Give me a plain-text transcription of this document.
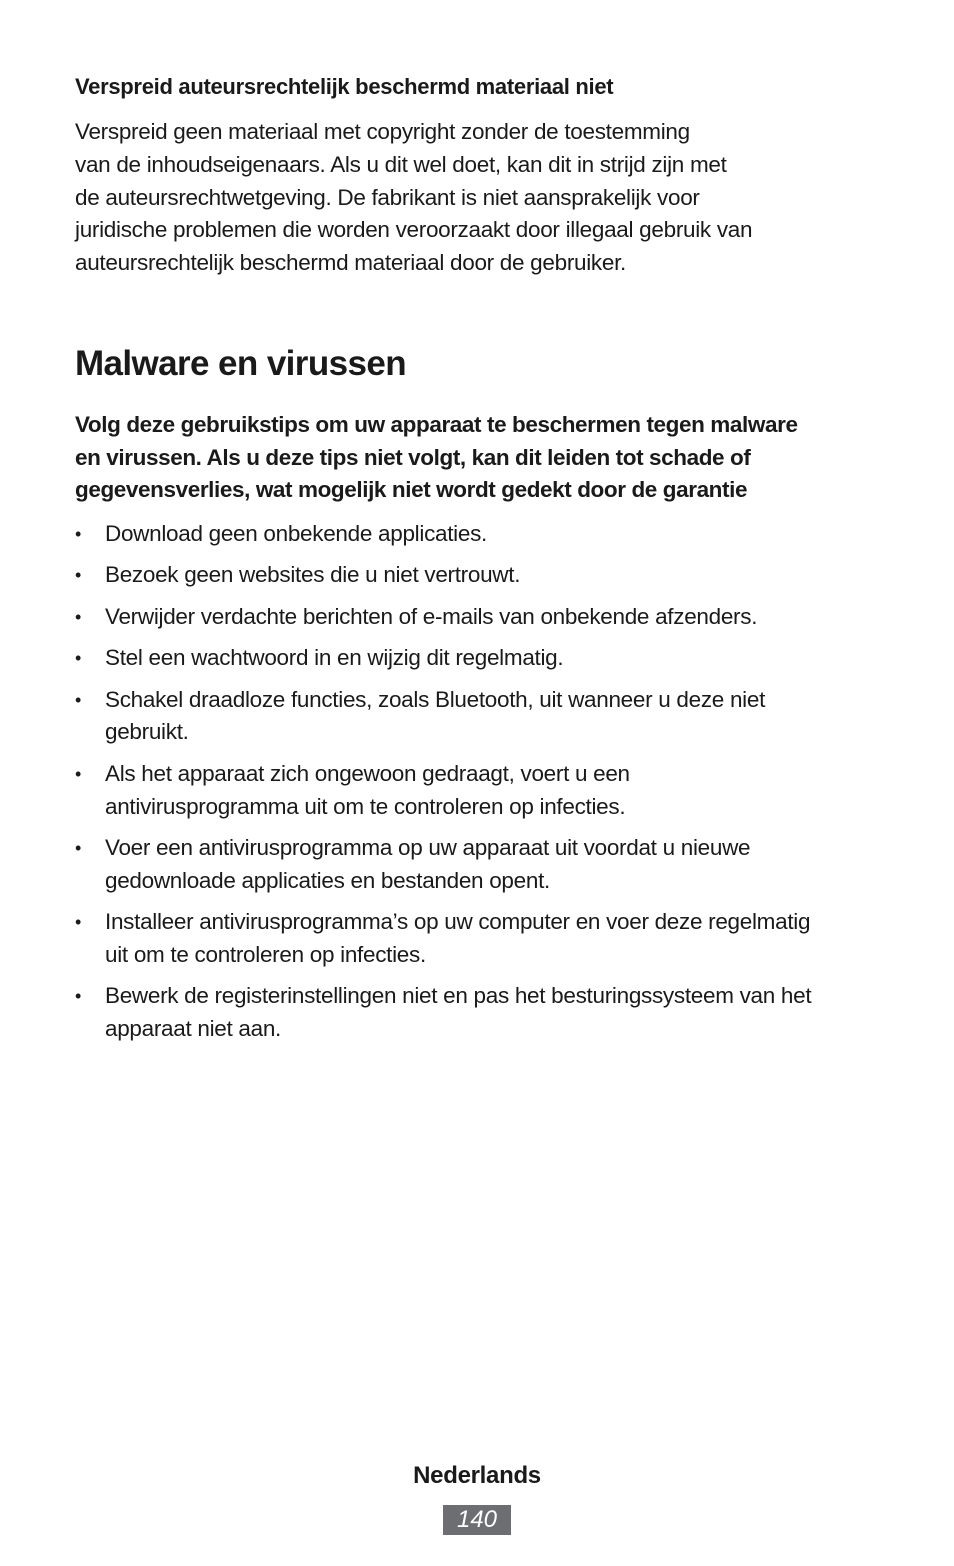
Verspreid auteursrechtelijk beschermd materiaal niet

Verspreid geen materiaal met copyright zonder de toestemming
van de inhoudseigenaars. Als u dit wel doet, kan dit in strijd zijn met
de auteursrechtwetgeving. De fabrikant is niet aansprakelijk voor
juridische problemen die worden veroorzaakt door illegaal gebruik van
auteursrechtelijk beschermd materiaal door de gebruiker.

Malware en virussen

Volg deze gebruikstips om uw apparaat te beschermen tegen malware
en virussen. Als u deze tips niet volgt, kan dit leiden tot schade of
gegevensverlies, wat mogelijk niet wordt gedekt door de garantie

• Download geen onbekende applicaties.
• Bezoek geen websites die u niet vertrouwt.
• Verwijder verdachte berichten of e-mails van onbekende afzenders.
• Stel een wachtwoord in en wijzig dit regelmatig.
• Schakel draadloze functies, zoals Bluetooth, uit wanneer u deze niet
gebruikt.
• Als het apparaat zich ongewoon gedraagt, voert u een
antivirusprogramma uit om te controleren op infecties.
• Voer een antivirusprogramma op uw apparaat uit voordat u nieuwe
gedownloade applicaties en bestanden opent.
• Installeer antivirusprogramma’s op uw computer en voer deze regelmatig
uit om te controleren op infecties.
• Bewerk de registerinstellingen niet en pas het besturingssysteem van het
apparaat niet aan.
Nederlands
140
